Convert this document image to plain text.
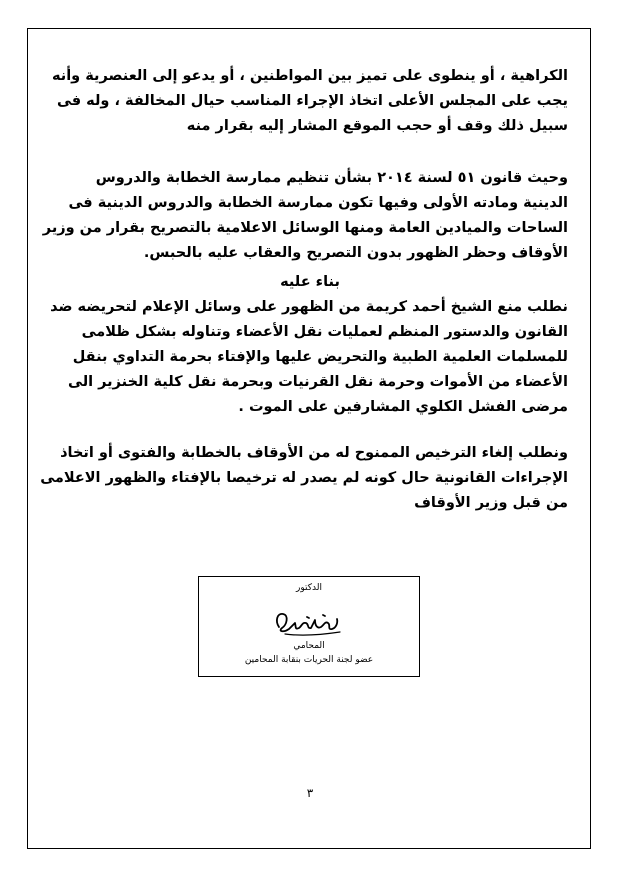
الكراهية ، أو ينطوى على تميز بين المواطنين ، أو يدعو إلى العنصرية وأنه
يجب على المجلس الأعلى اتخاذ الإجراء المناسب حيال المخالفة ، وله فى
سبيل ذلك وقف أو حجب الموقع المشار إليه بقرار منه
وحيث قانون ٥١ لسنة ٢٠١٤ بشأن تنظيم ممارسة الخطابة والدروس
الدينية ومادته الأولى وفيها تكون ممارسة الخطابة والدروس الدينية فى
الساحات والميادين العامة ومنها الوسائل الاعلامية بالتصريح بقرار من وزير
الأوقاف وحظر الظهور بدون التصريح والعقاب عليه بالحبس.
بناء عليه
نطلب منع الشيخ أحمد كريمة من الظهور على وسائل الإعلام لتحريضه ضد
القانون والدستور المنظم لعمليات نقل الأعضاء وتناوله بشكل ظلامى
للمسلمات العلمية الطبية والتحريض عليها والإفتاء بحرمة التداوي بنقل
الأعضاء من الأموات وحرمة نقل القرنيات وبحرمة نقل كلية الخنزير الى
مرضى الفشل الكلوي المشارفين على الموت .
ونطلب إلغاء الترخيص الممنوح له من الأوقاف بالخطابة والفتوى أو اتخاذ
الإجراءات القانونية حال كونه لم يصدر له ترخيصا بالإفتاء والظهور الاعلامى
من قبل وزير الأوقاف
الدكتور
المحامي
عضو لجنة الحريات بنقابة المحامين
٣
